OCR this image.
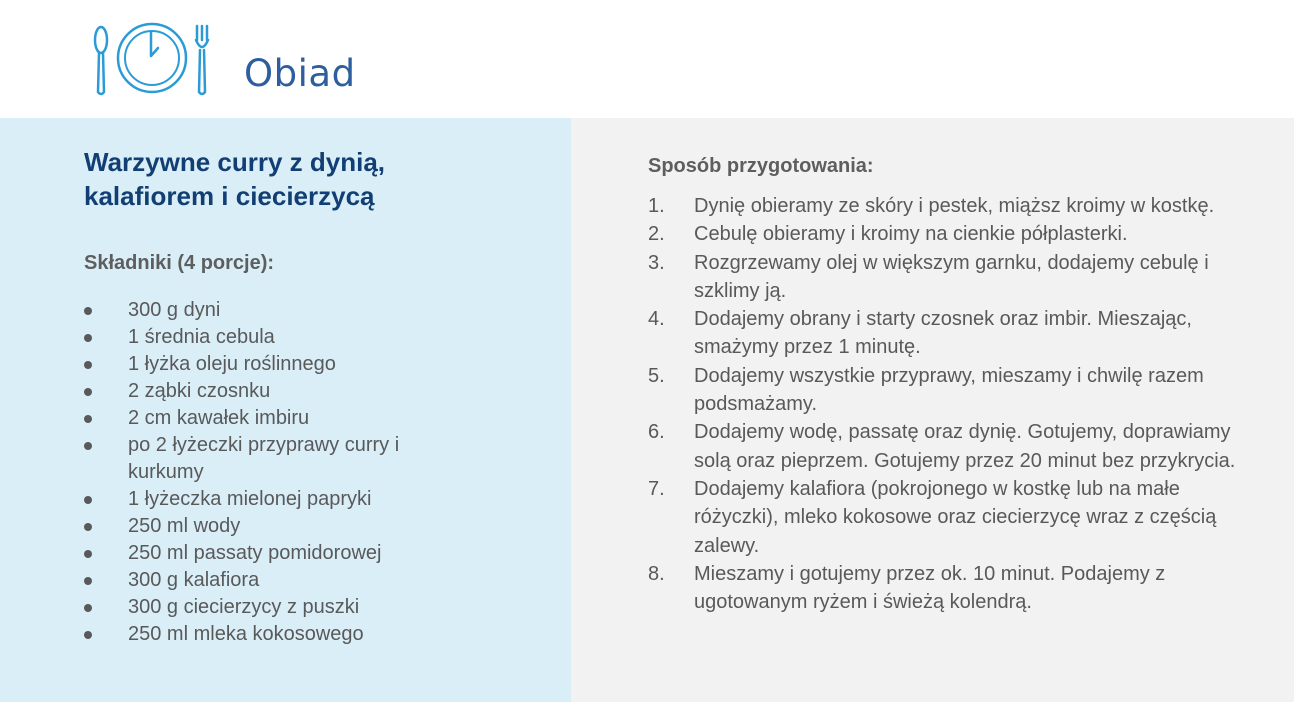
Obiad
Warzywne curry z dynią,
kalafiorem i ciecierzycą
Składniki (4 porcje):
300 g dyni
1 średnia cebula
1 łyżka oleju roślinnego
2 ząbki czosnku
2 cm kawałek imbiru
po 2 łyżeczki przyprawy curry i kurkumy
1 łyżeczka mielonej papryki
250 ml wody
250 ml passaty pomidorowej
300 g kalafiora
300 g ciecierzycy z puszki
250 ml mleka kokosowego
Sposób przygotowania:
1. Dynię obieramy ze skóry i pestek, miąższ kroimy w kostkę.
2. Cebulę obieramy i kroimy na cienkie półplasterki.
3. Rozgrzewamy olej w większym garnku, dodajemy cebulę i szklimy ją.
4. Dodajemy obrany i starty czosnek oraz imbir. Mieszając, smażymy przez 1 minutę.
5. Dodajemy wszystkie przyprawy, mieszamy i chwilę razem podsmażamy.
6. Dodajemy wodę, passatę oraz dynię. Gotujemy, doprawiamy solą oraz pieprzem. Gotujemy przez 20 minut bez przykrycia.
7. Dodajemy kalafiora (pokrojonego w kostkę lub na małe różyczki), mleko kokosowe oraz ciecierzycę wraz z częścią zalewy.
8. Mieszamy i gotujemy przez ok. 10 minut. Podajemy z ugotowanym ryżem i świeżą kolendrą.
